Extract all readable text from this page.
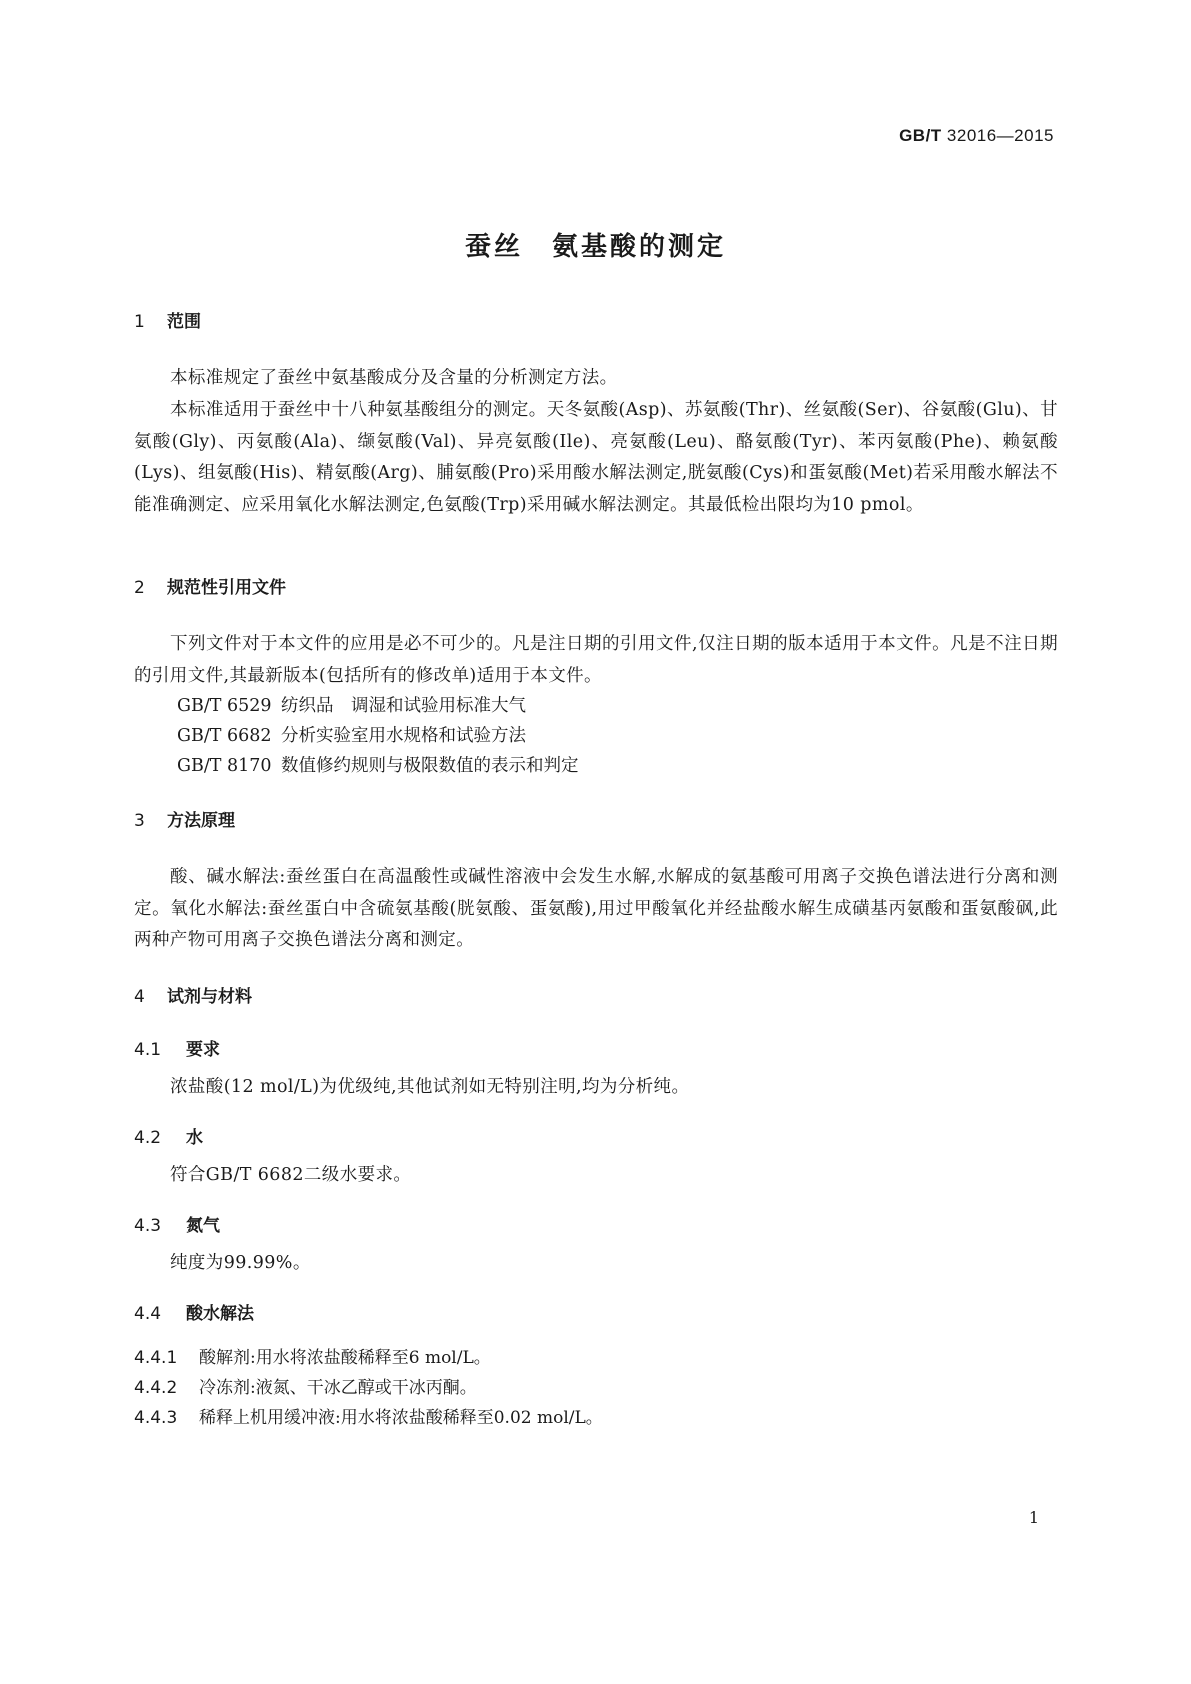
GB/T 32016—2015
蚕丝　氨基酸的测定
1 范围
本标准规定了蚕丝中氨基酸成分及含量的分析测定方法。
本标准适用于蚕丝中十八种氨基酸组分的测定。天冬氨酸(Asp)、苏氨酸(Thr)、丝氨酸(Ser)、谷氨酸(Glu)、甘氨酸(Gly)、丙氨酸(Ala)、缬氨酸(Val)、异亮氨酸(Ile)、亮氨酸(Leu)、酪氨酸(Tyr)、苯丙氨酸(Phe)、赖氨酸(Lys)、组氨酸(His)、精氨酸(Arg)、脯氨酸(Pro)采用酸水解法测定,胱氨酸(Cys)和蛋氨酸(Met)若采用酸水解法不能准确测定、应采用氧化水解法测定,色氨酸(Trp)采用碱水解法测定。其最低检出限均为10 pmol。
2 规范性引用文件
下列文件对于本文件的应用是必不可少的。凡是注日期的引用文件,仅注日期的版本适用于本文件。凡是不注日期的引用文件,其最新版本(包括所有的修改单)适用于本文件。
GB/T 6529 纺织品　调湿和试验用标准大气
GB/T 6682 分析实验室用水规格和试验方法
GB/T 8170 数值修约规则与极限数值的表示和判定
3 方法原理
酸、碱水解法:蚕丝蛋白在高温酸性或碱性溶液中会发生水解,水解成的氨基酸可用离子交换色谱法进行分离和测定。氧化水解法:蚕丝蛋白中含硫氨基酸(胱氨酸、蛋氨酸),用过甲酸氧化并经盐酸水解生成磺基丙氨酸和蛋氨酸砜,此两种产物可用离子交换色谱法分离和测定。
4 试剂与材料
4.1 要求
浓盐酸(12 mol/L)为优级纯,其他试剂如无特别注明,均为分析纯。
4.2 水
符合GB/T 6682二级水要求。
4.3 氮气
纯度为99.99%。
4.4 酸水解法
4.4.1 酸解剂:用水将浓盐酸稀释至6 mol/L。
4.4.2 冷冻剂:液氮、干冰乙醇或干冰丙酮。
4.4.3 稀释上机用缓冲液:用水将浓盐酸稀释至0.02 mol/L。
1
